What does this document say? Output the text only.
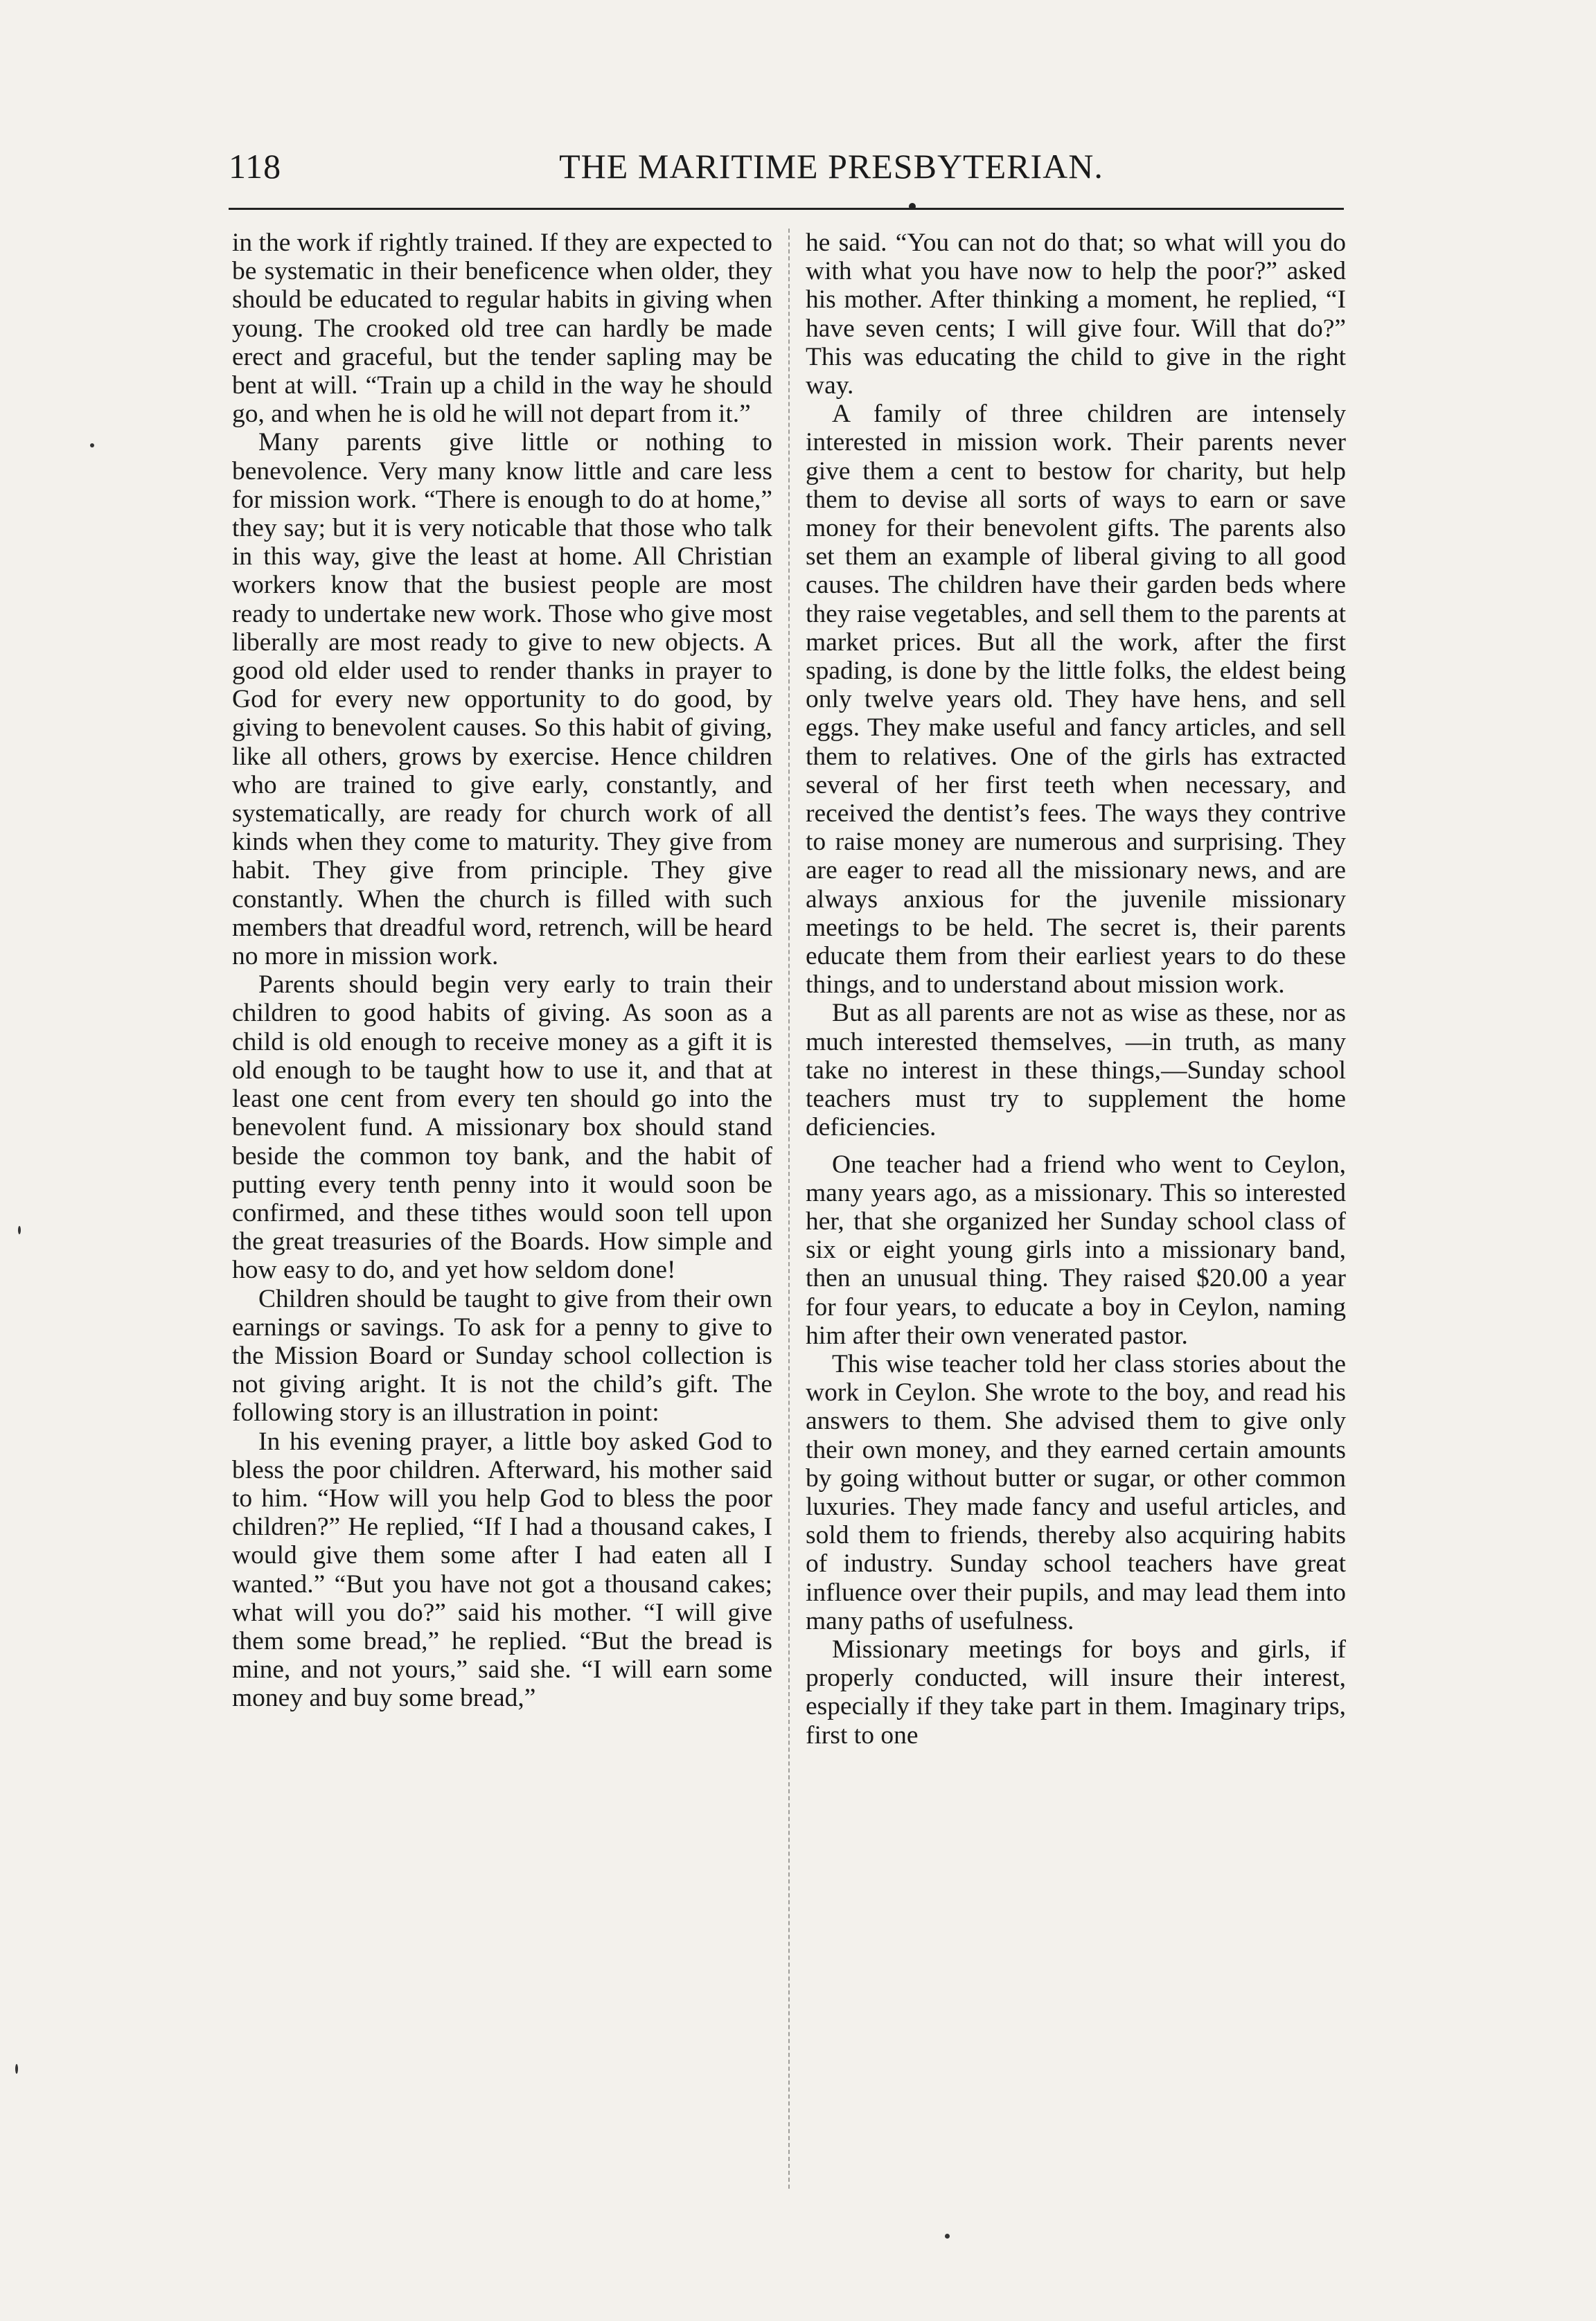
118	THE MARITIME PRESBYTERIAN.

in the work if rightly trained. If they are expected to be systematic in their beneficence when older, they should be educated to regular habits in giving when young. The crooked old tree can hardly be made erect and graceful, but the tender sapling may be bent at will. “Train up a child in the way he should go, and when he is old he will not depart from it.”

Many parents give little or nothing to benevolence. Very many know little and care less for mission work. “There is enough to do at home,” they say; but it is very noticable that those who talk in this way, give the least at home. All Christian workers know that the busiest people are most ready to undertake new work. Those who give most liberally are most ready to give to new objects. A good old elder used to render thanks in prayer to God for every new opportunity to do good, by giving to benevolent causes. So this habit of giving, like all others, grows by exercise. Hence children who are trained to give early, constantly, and systematically, are ready for church work of all kinds when they come to maturity. They give from habit. They give from principle. They give constantly. When the church is filled with such members that dreadful word, retrench, will be heard no more in mission work.

Parents should begin very early to train their children to good habits of giving. As soon as a child is old enough to receive money as a gift it is old enough to be taught how to use it, and that at least one cent from every ten should go into the benevolent fund. A missionary box should stand beside the common toy bank, and the habit of putting every tenth penny into it would soon be confirmed, and these tithes would soon tell upon the great treasuries of the Boards. How simple and how easy to do, and yet how seldom done!

Children should be taught to give from their own earnings or savings. To ask for a penny to give to the Mission Board or Sunday school collection is not giving aright. It is not the child’s gift. The following story is an illustration in point:

In his evening prayer, a little boy asked God to bless the poor children. Afterward, his mother said to him. “How will you help God to bless the poor children?” He replied, “If I had a thousand cakes, I would give them some after I had eaten all I wanted.” “But you have not got a thousand cakes; what will you do?” said his mother. “I will give them some bread,” he replied. “But the bread is mine, and not yours,” said she. “I will earn some money and buy some bread,”

he said. “You can not do that; so what will you do with what you have now to help the poor?” asked his mother. After thinking a moment, he replied, “I have seven cents; I will give four. Will that do?” This was educating the child to give in the right way.

A family of three children are intensely interested in mission work. Their parents never give them a cent to bestow for charity, but help them to devise all sorts of ways to earn or save money for their benevolent gifts. The parents also set them an example of liberal giving to all good causes. The children have their garden beds where they raise vegetables, and sell them to the parents at market prices. But all the work, after the first spading, is done by the little folks, the eldest being only twelve years old. They have hens, and sell eggs. They make useful and fancy articles, and sell them to relatives. One of the girls has extracted several of her first teeth when necessary, and received the dentist’s fees. The ways they contrive to raise money are numerous and surprising. They are eager to read all the missionary news, and are always anxious for the juvenile missionary meetings to be held. The secret is, their parents educate them from their earliest years to do these things, and to understand about mission work.

But as all parents are not as wise as these, nor as much interested themselves, —in truth, as many take no interest in these things,—Sunday school teachers must try to supplement the home deficiencies.

One teacher had a friend who went to Ceylon, many years ago, as a missionary. This so interested her, that she organized her Sunday school class of six or eight young girls into a missionary band, then an unusual thing. They raised $20.00 a year for four years, to educate a boy in Ceylon, naming him after their own venerated pastor.

This wise teacher told her class stories about the work in Ceylon. She wrote to the boy, and read his answers to them. She advised them to give only their own money, and they earned certain amounts by going without butter or sugar, or other common luxuries. They made fancy and useful articles, and sold them to friends, thereby also acquiring habits of industry. Sunday school teachers have great influence over their pupils, and may lead them into many paths of usefulness.

Missionary meetings for boys and girls, if properly conducted, will insure their interest, especially if they take part in them. Imaginary trips, first to one
